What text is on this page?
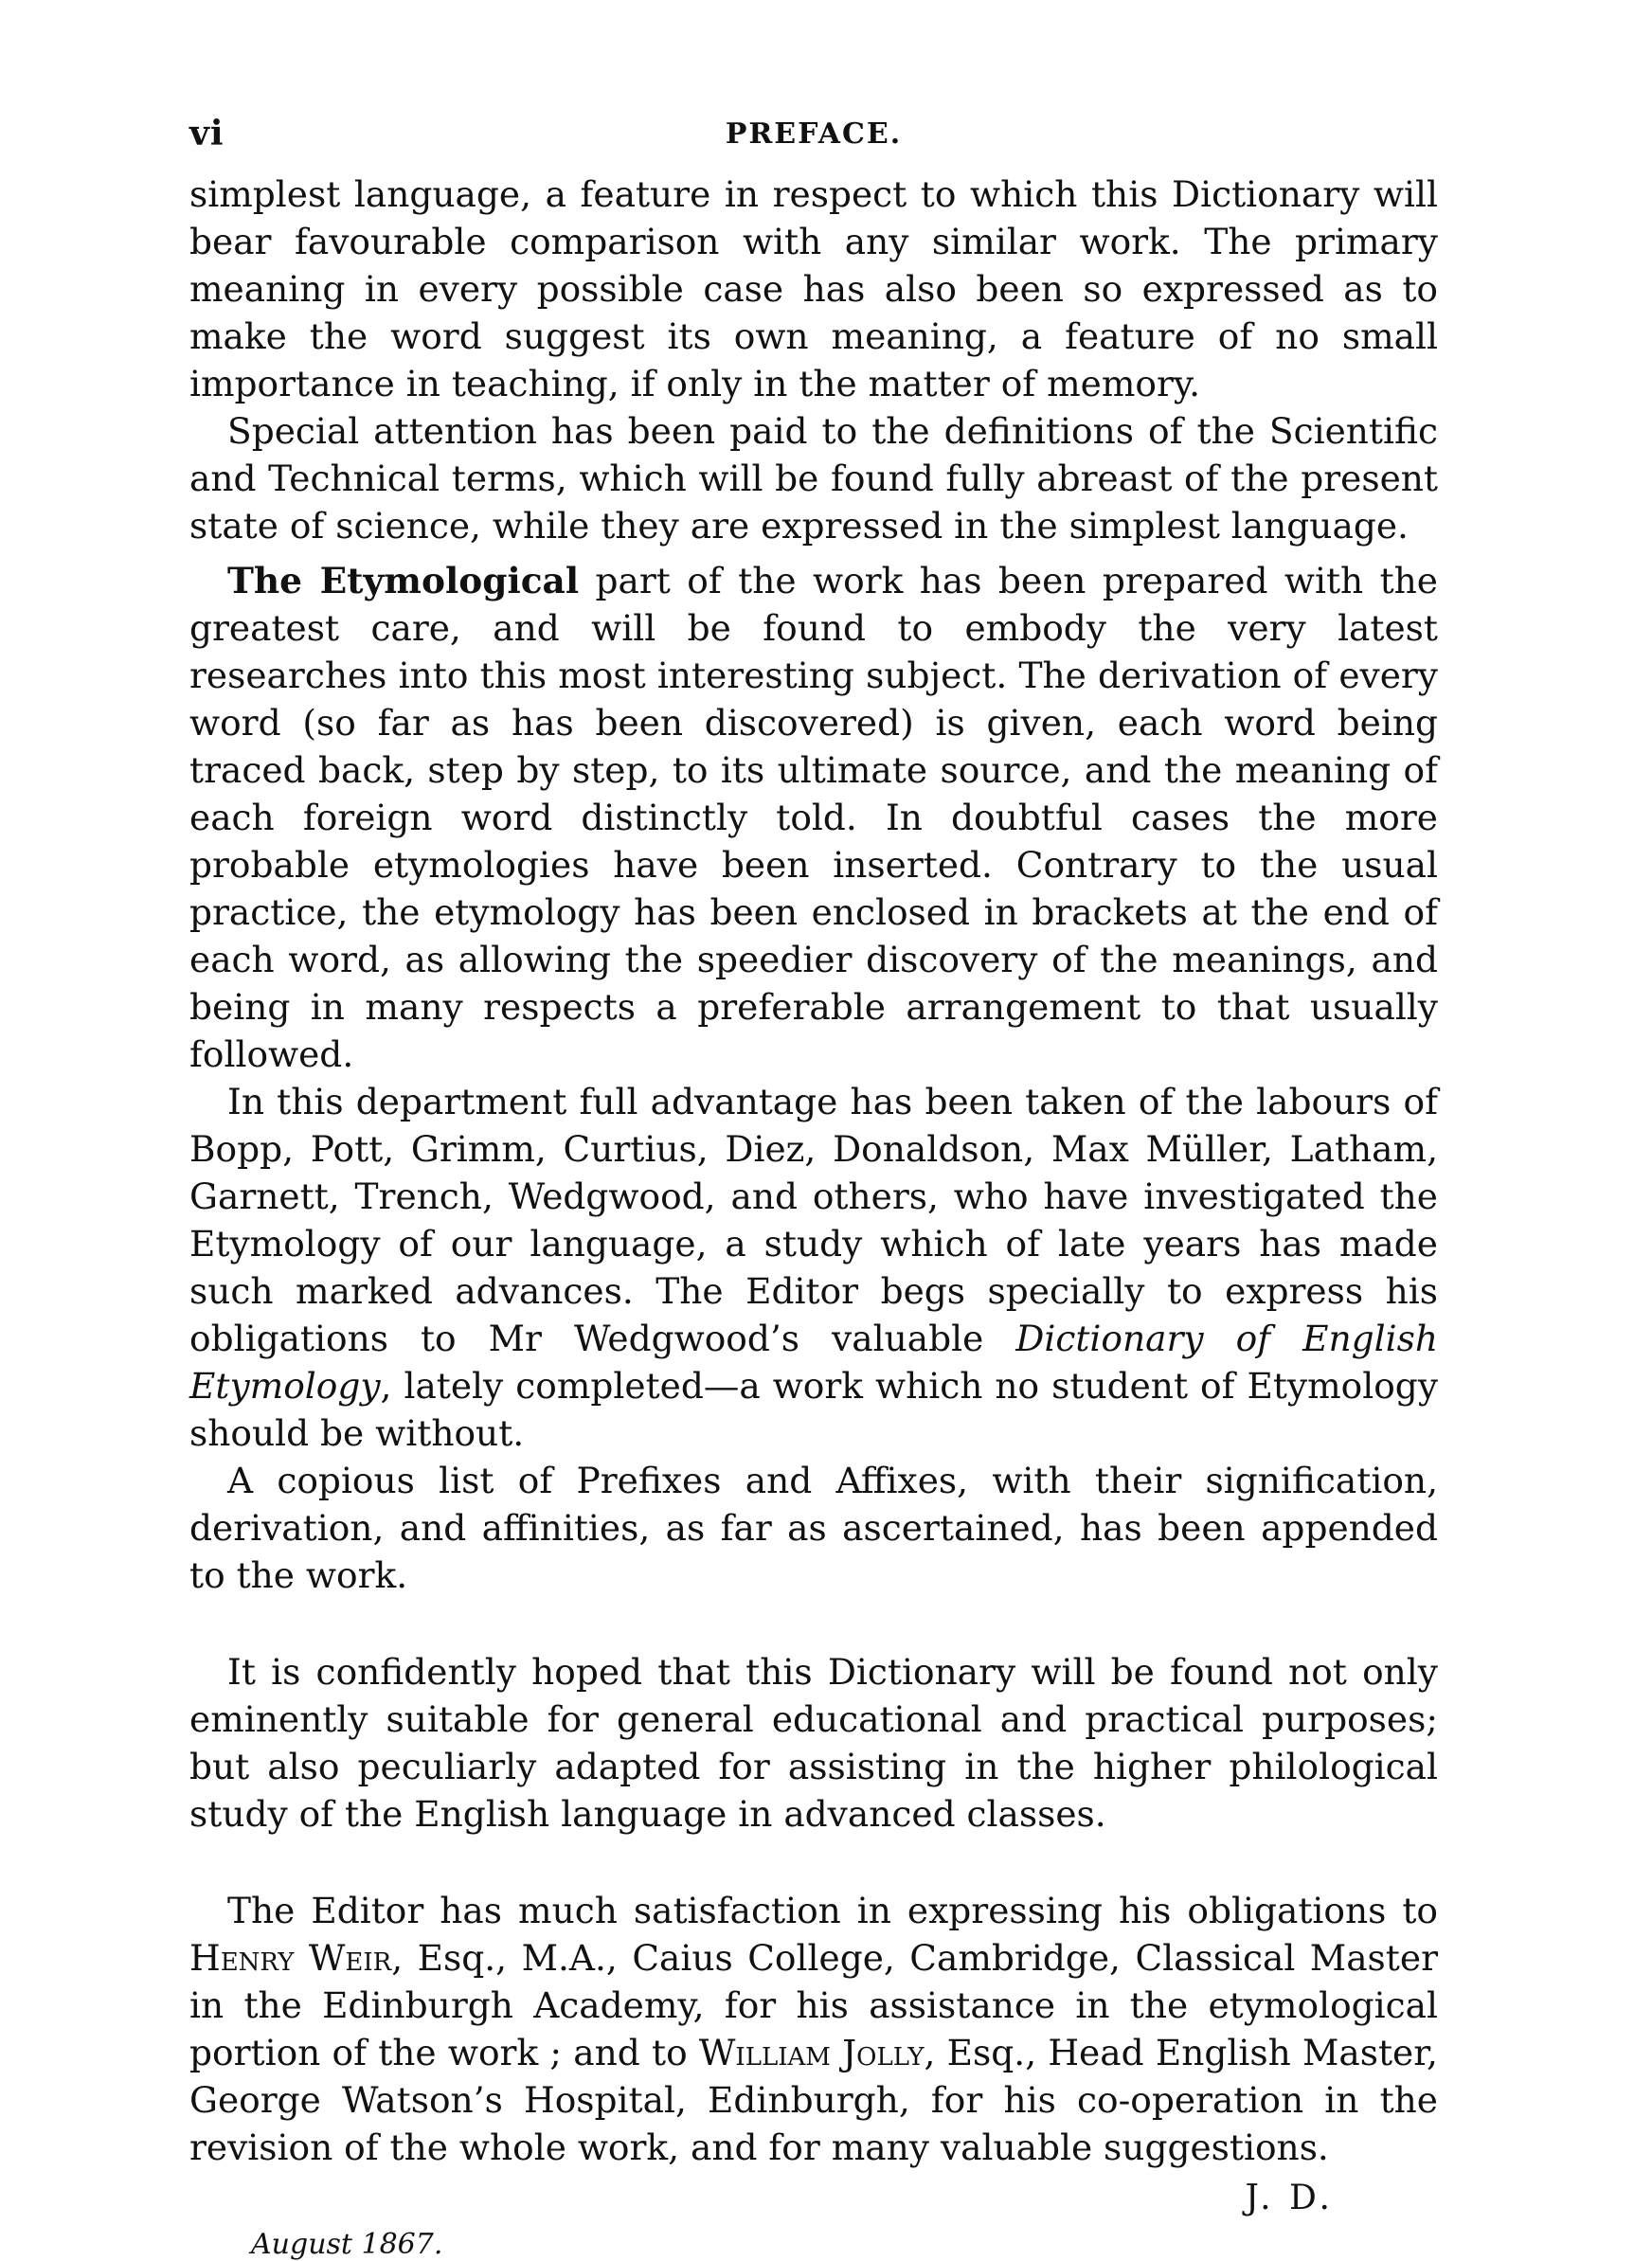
vi	PREFACE.

simplest language, a feature in respect to which this Dictionary will bear favourable comparison with any similar work. The primary meaning in every possible case has also been so expressed as to make the word suggest its own meaning, a feature of no small importance in teaching, if only in the matter of memory.

Special attention has been paid to the definitions of the Scientific and Technical terms, which will be found fully abreast of the present state of science, while they are expressed in the simplest language.

The Etymological part of the work has been prepared with the greatest care, and will be found to embody the very latest researches into this most interesting subject. The derivation of every word (so far as has been discovered) is given, each word being traced back, step by step, to its ultimate source, and the meaning of each foreign word distinctly told. In doubtful cases the more probable etymologies have been inserted. Contrary to the usual practice, the etymology has been enclosed in brackets at the end of each word, as allowing the speedier discovery of the meanings, and being in many respects a preferable arrangement to that usually followed.

In this department full advantage has been taken of the labours of Bopp, Pott, Grimm, Curtius, Diez, Donaldson, Max Müller, Latham, Garnett, Trench, Wedgwood, and others, who have investigated the Etymology of our language, a study which of late years has made such marked advances. The Editor begs specially to express his obligations to Mr Wedgwood’s valuable Dictionary of English Etymology, lately completed—a work which no student of Etymology should be without.

A copious list of Prefixes and Affixes, with their signification, derivation, and affinities, as far as ascertained, has been appended to the work.

It is confidently hoped that this Dictionary will be found not only eminently suitable for general educational and practical purposes; but also peculiarly adapted for assisting in the higher philological study of the English language in advanced classes.

The Editor has much satisfaction in expressing his obligations to Henry Weir, Esq., M.A., Caius College, Cambridge, Classical Master in the Edinburgh Academy, for his assistance in the etymological portion of the work ; and to William Jolly, Esq., Head English Master, George Watson’s Hospital, Edinburgh, for his co-operation in the revision of the whole work, and for many valuable suggestions.

J. D.
August 1867.
